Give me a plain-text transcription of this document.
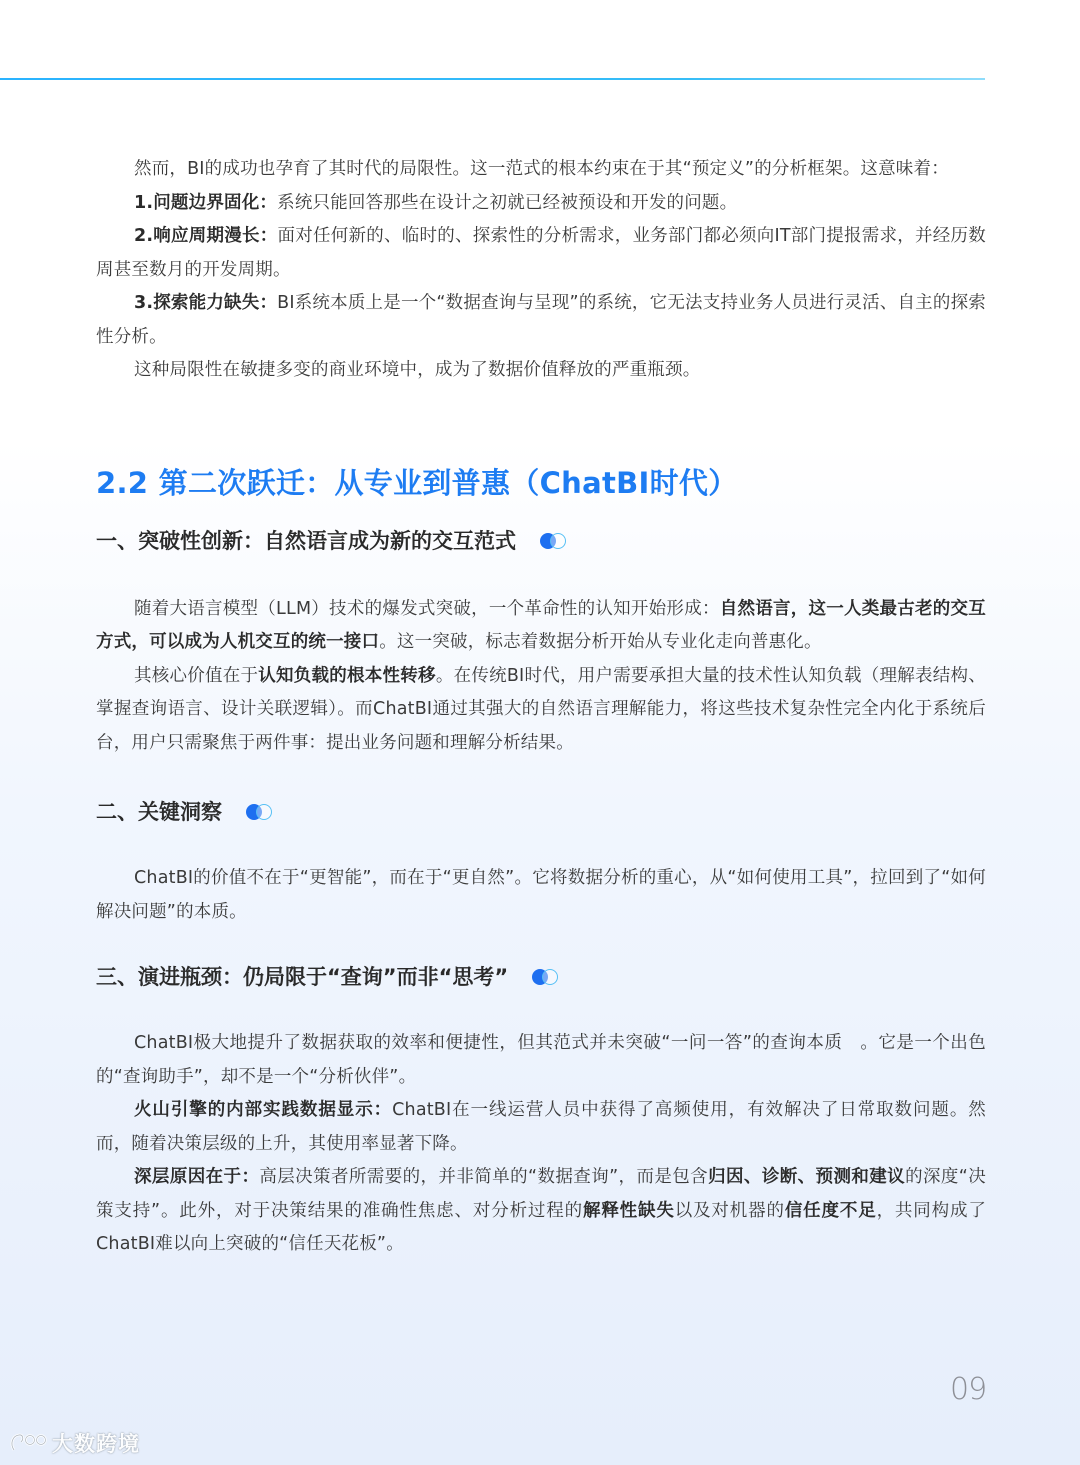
然而，BI的成功也孕育了其时代的局限性。这一范式的根本约束在于其“预定义”的分析框架。这意味着：

1.问题边界固化：系统只能回答那些在设计之初就已经被预设和开发的问题。

2.响应周期漫长：面对任何新的、临时的、探索性的分析需求，业务部门都必须向IT部门提报需求，并经历数周甚至数月的开发周期。

3.探索能力缺失：BI系统本质上是一个“数据查询与呈现”的系统，它无法支持业务人员进行灵活、自主的探索性分析。

这种局限性在敏捷多变的商业环境中，成为了数据价值释放的严重瓶颈。

2.2 第二次跃迁：从专业到普惠（ChatBI时代）
一、突破性创新：自然语言成为新的交互范式

随着大语言模型（LLM）技术的爆发式突破，一个革命性的认知开始形成：自然语言，这一人类最古老的交互方式，可以成为人机交互的统一接口。这一突破，标志着数据分析开始从专业化走向普惠化。

其核心价值在于认知负载的根本性转移。在传统BI时代，用户需要承担大量的技术性认知负载（理解表结构、掌握查询语言、设计关联逻辑）。而ChatBI通过其强大的自然语言理解能力，将这些技术复杂性完全内化于系统后台，用户只需聚焦于两件事：提出业务问题和理解分析结果。

二、关键洞察

ChatBI的价值不在于“更智能”，而在于“更自然”。它将数据分析的重心，从“如何使用工具”，拉回到了“如何解决问题”的本质。

三、演进瓶颈：仍局限于“查询”而非“思考”

ChatBI极大地提升了数据获取的效率和便捷性，但其范式并未突破“一问一答”的查询本质　。它是一个出色的“查询助手”，却不是一个“分析伙伴”。

火山引擎的内部实践数据显示：ChatBI在一线运营人员中获得了高频使用，有效解决了日常取数问题。然而，随着决策层级的上升，其使用率显著下降。

深层原因在于：高层决策者所需要的，并非简单的“数据查询”，而是包含归因、诊断、预测和建议的深度“决策支持”。此外，对于决策结果的准确性焦虑、对分析过程的解释性缺失以及对机器的信任度不足，共同构成了ChatBI难以向上突破的“信任天花板”。

09
大数跨境
